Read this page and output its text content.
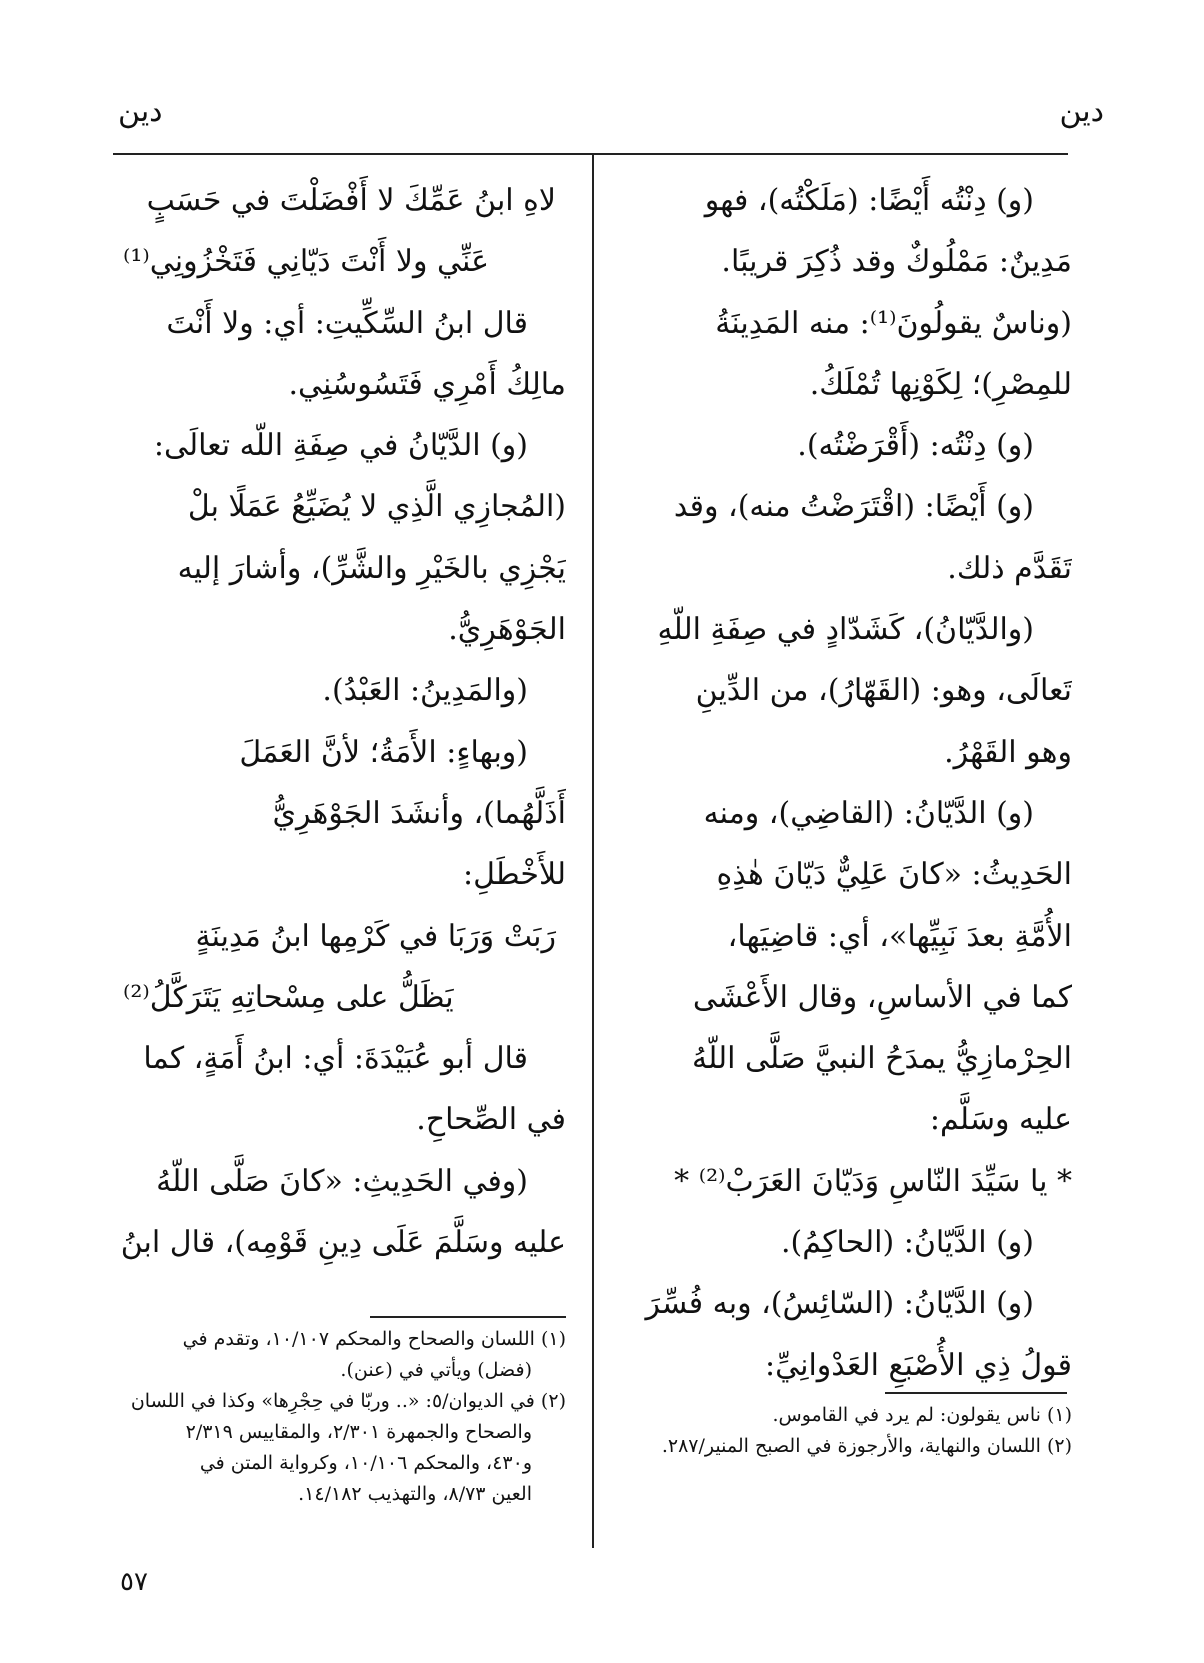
دين
دين
(و) دِنْتُه أَيْضًا: (مَلَكْتُه)، فهو
مَدِينٌ: مَمْلُوكٌ وقد ذُكِرَ قريبًا.
(وناسٌ يقولُونَ⁽¹⁾: منه المَدِينَةُ
للمِصْرِ)؛ لِكَوْنِها تُمْلَكُ.
(و) دِنْتُه: (أَقْرَضْتُه).
(و) أَيْضًا: (اقْتَرَضْتُ منه)، وقد
تَقَدَّم ذلك.
(والدَّيّانُ)، كَشَدّادٍ في صِفَةِ اللّهِ
تَعالَى، وهو: (القَهّارُ)، من الدِّينِ
وهو القَهْرُ.
(و) الدَّيّانُ: (القاضِي)، ومنه
الحَدِيثُ: «كانَ عَلِيٌّ دَيّانَ هٰذِهِ
الأُمَّةِ بعدَ نَبِيِّها»، أي: قاضِيَها،
كما في الأساسِ، وقال الأَعْشَى
الحِرْمازِيُّ يمدَحُ النبيَّ صَلَّى اللّهُ
عليه وسَلَّم:
* يا سَيِّدَ النّاسِ وَدَيّانَ العَرَبْ⁽²⁾ *
(و) الدَّيّانُ: (الحاكِمُ).
(و) الدَّيّانُ: (السّائِسُ)، وبه فُسِّرَ
قولُ ذِي الأُصْبَعِ العَدْوانِيِّ:
لاهِ ابنُ عَمِّكَ لا أَفْضَلْتَ في حَسَبٍ
عَنِّي ولا أَنْتَ دَيّانِي فَتَخْزُونِي⁽¹⁾
قال ابنُ السِّكِّيتِ: أي: ولا أَنْتَ
مالِكُ أَمْرِي فَتَسُوسُنِي.
(و) الدَّيّانُ في صِفَةِ اللّه تعالَى:
(المُجازِي الَّذِي لا يُضَيِّعُ عَمَلًا بلْ
يَجْزِي بالخَيْرِ والشَّرِّ)، وأشارَ إليه
الجَوْهَرِيُّ.
(والمَدِينُ: العَبْدُ).
(وبهاءٍ: الأَمَةُ؛ لأنَّ العَمَلَ
أَذَلَّهُما)، وأنشَدَ الجَوْهَرِيُّ
للأَخْطَلِ:
رَبَتْ وَرَبَا في كَرْمِها ابنُ مَدِينَةٍ
يَظَلُّ على مِسْحاتِهِ يَتَرَكَّلُ⁽²⁾
قال أبو عُبَيْدَةَ: أي: ابنُ أَمَةٍ، كما
في الصِّحاحِ.
(وفي الحَدِيثِ: «كانَ صَلَّى اللّهُ
عليه وسَلَّمَ عَلَى دِينِ قَوْمِه)، قال ابنُ
(١) ناس يقولون: لم يرد في القاموس.
(٢) اللسان والنهاية، والأرجوزة في الصبح المنير/٢٨٧.
(١) اللسان والصحاح والمحكم ١٠/١٠٧، وتقدم في
(فضل) ويأتي في (عنن).
(٢) في الديوان/٥: «.. وربّا في حِجْرِها» وكذا في اللسان
والصحاح والجمهرة ٢/٣٠١، والمقاييس ٢/٣١٩
و٤٣٠، والمحكم ١٠/١٠٦، وكرواية المتن في
العين ٨/٧٣، والتهذيب ١٤/١٨٢.
٥٧
